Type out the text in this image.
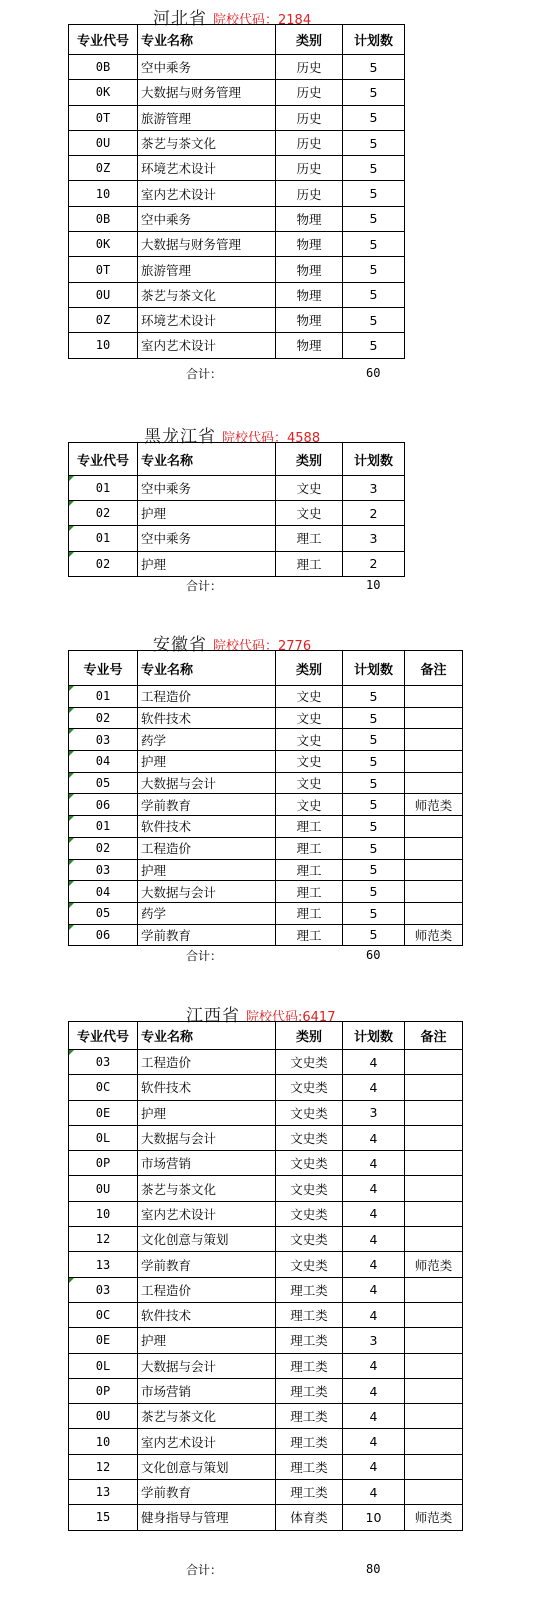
河北省 院校代码：2184
专业代号	专业名称	类别	计划数
0B	空中乘务	历史	5
0K	大数据与财务管理	历史	5
0T	旅游管理	历史	5
0U	茶艺与茶文化	历史	5
0Z	环境艺术设计	历史	5
10	室内艺术设计	历史	5
0B	空中乘务	物理	5
0K	大数据与财务管理	物理	5
0T	旅游管理	物理	5
0U	茶艺与茶文化	物理	5
0Z	环境艺术设计	物理	5
10	室内艺术设计	物理	5
合计：	60
黑龙江省 院校代码：4588
专业代号	专业名称	类别	计划数
01	空中乘务	文史	3
02	护理	文史	2
01	空中乘务	理工	3
02	护理	理工	2
合计：	10
安徽省 院校代码：2776
专业号	专业名称	类别	计划数	备注
01	工程造价	文史	5	
02	软件技术	文史	5	
03	药学	文史	5	
04	护理	文史	5	
05	大数据与会计	文史	5	
06	学前教育	文史	5	师范类
01	软件技术	理工	5	
02	工程造价	理工	5	
03	护理	理工	5	
04	大数据与会计	理工	5	
05	药学	理工	5	
06	学前教育	理工	5	师范类
合计：	60
江西省 院校代码:6417
专业代号	专业名称	类别	计划数	备注
03	工程造价	文史类	4	
0C	软件技术	文史类	4	
0E	护理	文史类	3	
0L	大数据与会计	文史类	4	
0P	市场营销	文史类	4	
0U	茶艺与茶文化	文史类	4	
10	室内艺术设计	文史类	4	
12	文化创意与策划	文史类	4	
13	学前教育	文史类	4	师范类
03	工程造价	理工类	4	
0C	软件技术	理工类	4	
0E	护理	理工类	3	
0L	大数据与会计	理工类	4	
0P	市场营销	理工类	4	
0U	茶艺与茶文化	理工类	4	
10	室内艺术设计	理工类	4	
12	文化创意与策划	理工类	4	
13	学前教育	理工类	4	
15	健身指导与管理	体育类	10	师范类
合计：	80
